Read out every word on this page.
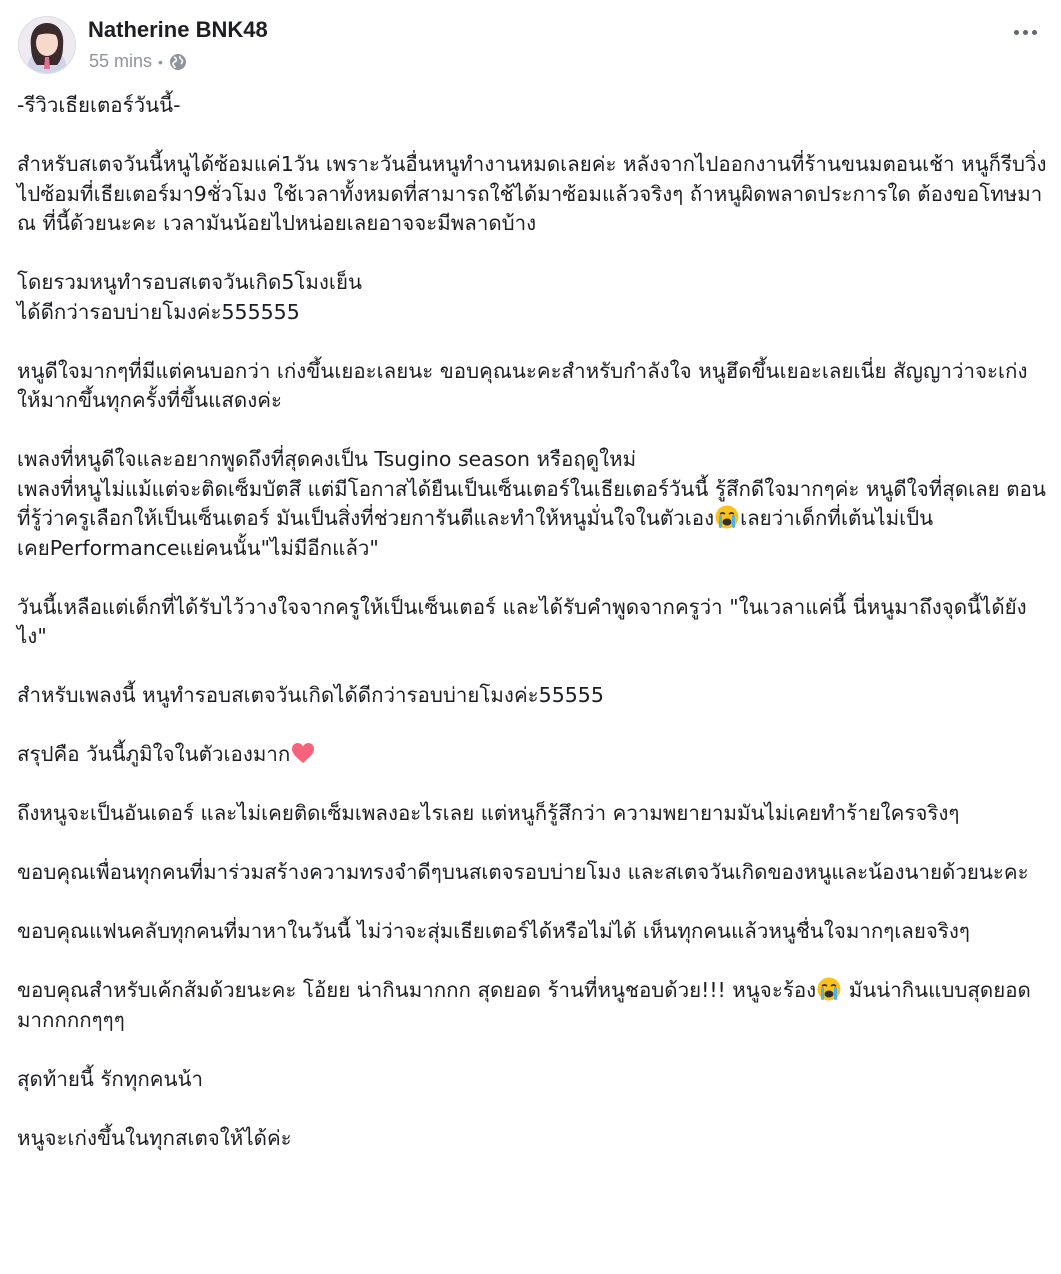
Natherine BNK48
55 mins •

-รีวิวเธียเตอร์วันนี้-

สำหรับสเตจวันนี้หนูได้ซ้อมแค่1วัน เพราะวันอื่นหนูทำงานหมดเลยค่ะ หลังจากไปออกงานที่ร้านขนมตอนเช้า หนูก็รีบวิ่งไปซ้อมที่เธียเตอร์มา9ชั่วโมง ใช้เวลาทั้งหมดที่สามารถใช้ได้มาซ้อมแล้วจริงๆ ถ้าหนูผิดพลาดประการใด ต้องขอโทษมา ณ ที่นี้ด้วยนะคะ เวลามันน้อยไปหน่อยเลยอาจจะมีพลาดบ้าง

โดยรวมหนูทำรอบสเตจวันเกิด5โมงเย็น
ได้ดีกว่ารอบบ่ายโมงค่ะ555555

หนูดีใจมากๆที่มีแต่คนบอกว่า เก่งขึ้นเยอะเลยนะ ขอบคุณนะคะสำหรับกำลังใจ หนูฮึดขึ้นเยอะเลยเนี่ย สัญญาว่าจะเก่งให้มากขึ้นทุกครั้งที่ขึ้นแสดงค่ะ

เพลงที่หนูดีใจและอยากพูดถึงที่สุดคงเป็น Tsugino season หรือฤดูใหม่
เพลงที่หนูไม่แม้แต่จะติดเซ็มบัตสึ แต่มีโอกาสได้ยืนเป็นเซ็นเตอร์ในเธียเตอร์วันนี้ รู้สึกดีใจมากๆค่ะ หนูดีใจที่สุดเลย ตอนที่รู้ว่าครูเลือกให้เป็นเซ็นเตอร์ มันเป็นสิ่งที่ช่วยการันตีและทำให้หนูมั่นใจในตัวเอง เลยว่าเด็กที่เต้นไม่เป็น เคยPerformanceแย่คนนั้น"ไม่มีอีกแล้ว"

วันนี้เหลือแต่เด็กที่ได้รับไว้วางใจจากครูให้เป็นเซ็นเตอร์ และได้รับคำพูดจากครูว่า "ในเวลาแค่นี้ นี่หนูมาถึงจุดนี้ได้ยังไง"

สำหรับเพลงนี้ หนูทำรอบสเตจวันเกิดได้ดีกว่ารอบบ่ายโมงค่ะ55555

สรุปคือ วันนี้ภูมิใจในตัวเองมาก

ถึงหนูจะเป็นอันเดอร์ และไม่เคยติดเซ็มเพลงอะไรเลย แต่หนูก็รู้สึกว่า ความพยายามมันไม่เคยทำร้ายใครจริงๆ

ขอบคุณเพื่อนทุกคนที่มาร่วมสร้างความทรงจำดีๆบนสเตจรอบบ่ายโมง และสเตจวันเกิดของหนูและน้องนายด้วยนะคะ

ขอบคุณแฟนคลับทุกคนที่มาหาในวันนี้ ไม่ว่าจะสุ่มเธียเตอร์ได้หรือไม่ได้ เห็นทุกคนแล้วหนูชื่นใจมากๆเลยจริงๆ

ขอบคุณสำหรับเค้กส้มด้วยนะคะ โอ้ยย น่ากินมากกก สุดยอด ร้านที่หนูชอบด้วย!!! หนูจะร้อง มันน่ากินแบบสุดยอดมากกกกๆๆๆ

สุดท้ายนี้ รักทุกคนน้า

หนูจะเก่งขึ้นในทุกสเตจให้ได้ค่ะ
